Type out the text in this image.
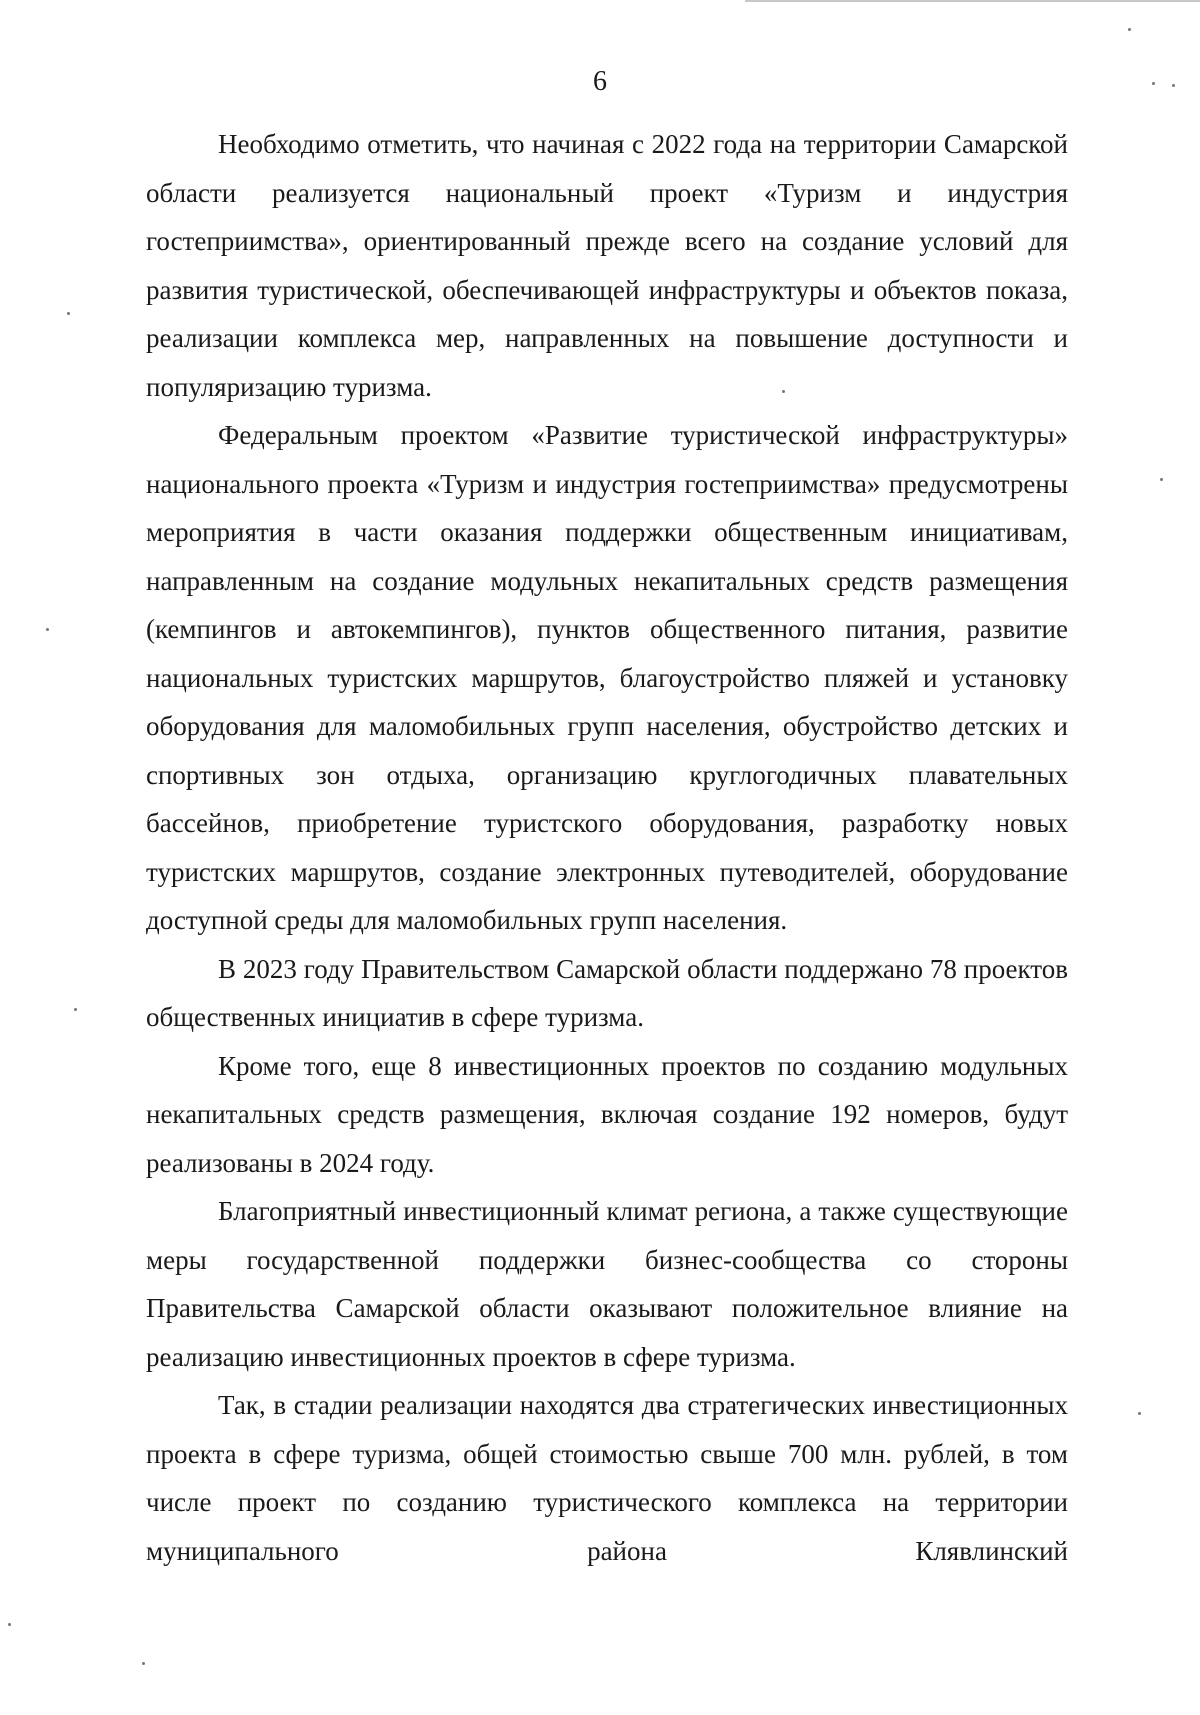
6

Необходимо отметить, что начиная с 2022 года на территории Самарской области реализуется национальный проект «Туризм и индустрия гостеприимства», ориентированный прежде всего на создание условий для развития туристической, обеспечивающей инфраструктуры и объектов показа, реализации комплекса мер, направленных на повышение доступности и популяризацию туризма.

Федеральным проектом «Развитие туристической инфраструктуры» национального проекта «Туризм и индустрия гостеприимства» предусмотрены мероприятия в части оказания поддержки общественным инициативам, направленным на создание модульных некапитальных средств размещения (кемпингов и автокемпингов), пунктов общественного питания, развитие национальных туристских маршрутов, благоустройство пляжей и установку оборудования для маломобильных групп населения, обустройство детских и спортивных зон отдыха, организацию круглогодичных плавательных бассейнов, приобретение туристского оборудования, разработку новых туристских маршрутов, создание электронных путеводителей, оборудование доступной среды для маломобильных групп населения.

В 2023 году Правительством Самарской области поддержано 78 проектов общественных инициатив в сфере туризма.

Кроме того, еще 8 инвестиционных проектов по созданию модульных некапитальных средств размещения, включая создание 192 номеров, будут реализованы в 2024 году.

Благоприятный инвестиционный климат региона, а также существующие меры государственной поддержки бизнес-сообщества со стороны Правительства Самарской области оказывают положительное влияние на реализацию инвестиционных проектов в сфере туризма.

Так, в стадии реализации находятся два стратегических инвестиционных проекта в сфере туризма, общей стоимостью свыше 700 млн. рублей, в том числе проект по созданию туристического комплекса на территории муниципального района Клявлинский
